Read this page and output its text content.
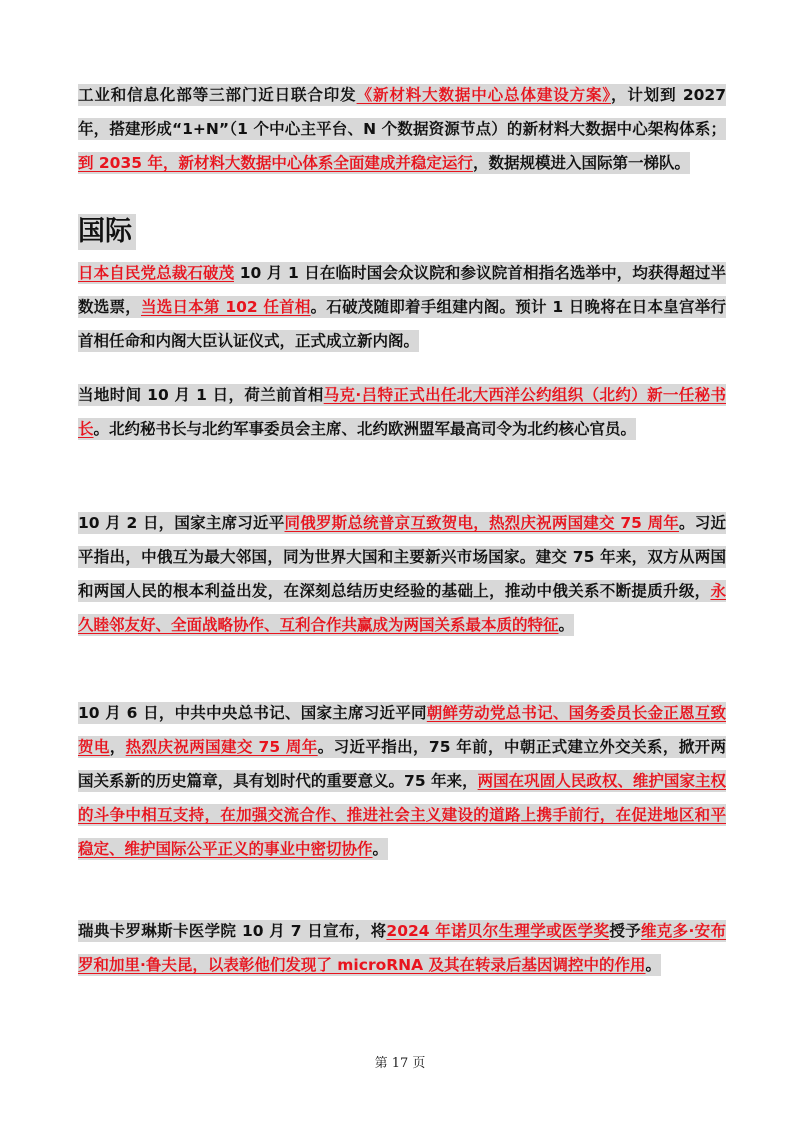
工业和信息化部等三部门近日联合印发《新材料大数据中心总体建设方案》，计划到 2027 年，搭建形成“1+N”（1 个中心主平台、N 个数据资源节点）的新材料大数据中心架构体系；到 2035 年，新材料大数据中心体系全面建成并稳定运行，数据规模进入国际第一梯队。
国际
日本自民党总裁石破茂 10 月 1 日在临时国会众议院和参议院首相指名选举中，均获得超过半数选票，当选日本第 102 任首相。石破茂随即着手组建内阁。预计 1 日晚将在日本皇宫举行首相任命和内阁大臣认证仪式，正式成立新内阁。
当地时间 10 月 1 日，荷兰前首相马克·吕特正式出任北大西洋公约组织（北约）新一任秘书长。北约秘书长与北约军事委员会主席、北约欧洲盟军最高司令为北约核心官员。
10 月 2 日，国家主席习近平同俄罗斯总统普京互致贺电，热烈庆祝两国建交 75 周年。习近平指出，中俄互为最大邻国，同为世界大国和主要新兴市场国家。建交 75 年来，双方从两国和两国人民的根本利益出发，在深刻总结历史经验的基础上，推动中俄关系不断提质升级，永久睦邻友好、全面战略协作、互利合作共赢成为两国关系最本质的特征。
10 月 6 日，中共中央总书记、国家主席习近平同朝鲜劳动党总书记、国务委员长金正恩互致贺电，热烈庆祝两国建交 75 周年。习近平指出，75 年前，中朝正式建立外交关系，掀开两国关系新的历史篇章，具有划时代的重要意义。75 年来，两国在巩固人民政权、维护国家主权的斗争中相互支持，在加强交流合作、推进社会主义建设的道路上携手前行，在促进地区和平稳定、维护国际公平正义的事业中密切协作。
瑞典卡罗琳斯卡医学院 10 月 7 日宣布，将2024 年诺贝尔生理学或医学奖授予维克多·安布罗和加里·鲁夫昆，以表彰他们发现了 microRNA 及其在转录后基因调控中的作用。
第 17 页
